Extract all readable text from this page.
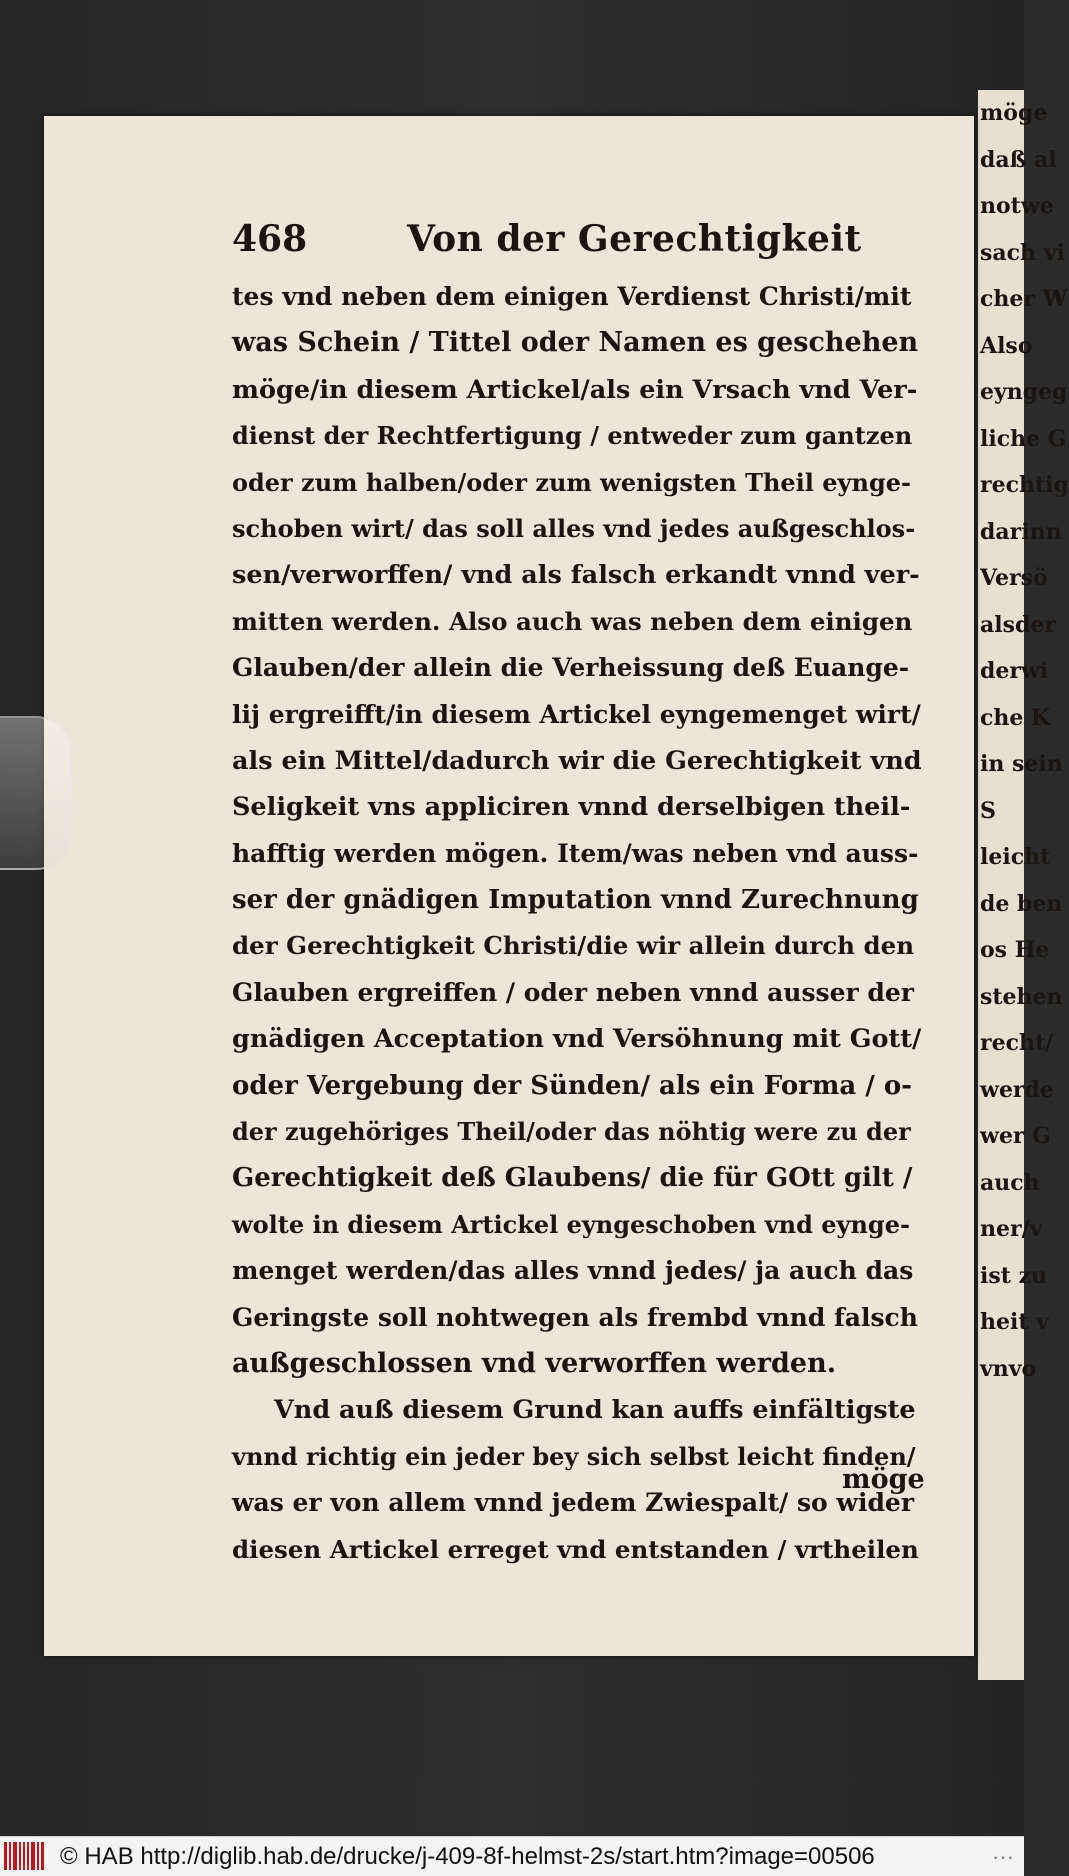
möge
daß al
notwe
sach vi
cher W
Also
eyngeg
liche G
rechtig
darinn
Versö
alsder
derwi
che K
in sein
S
leicht
de ben
os He
stehen
recht/
werde
wer G
auch
ner/v
ist zu
heit v
vnvo
468	Von der Gerechtigkeit
tes vnd neben dem einigen Verdienst Christi/mit
was Schein / Tittel oder Namen es geschehen
möge/in diesem Artickel/als ein Vrsach vnd Ver-
dienst der Rechtfertigung / entweder zum gantzen
oder zum halben/oder zum wenigsten Theil eynge-
schoben wirt/ das soll alles vnd jedes außgeschlos-
sen/verworffen/ vnd als falsch erkandt vnnd ver-
mitten werden. Also auch was neben dem einigen
Glauben/der allein die Verheissung deß Euange-
lij ergreifft/in diesem Artickel eyngemenget wirt/
als ein Mittel/dadurch wir die Gerechtigkeit vnd
Seligkeit vns appliciren vnnd derselbigen theil-
hafftig werden mögen. Item/was neben vnd auss-
ser der gnädigen Imputation vnnd Zurechnung
der Gerechtigkeit Christi/die wir allein durch den
Glauben ergreiffen / oder neben vnnd ausser der
gnädigen Acceptation vnd Versöhnung mit Gott/
oder Vergebung der Sünden/ als ein Forma / o-
der zugehöriges Theil/oder das nöhtig were zu der
Gerechtigkeit deß Glaubens/ die für GOtt gilt /
wolte in diesem Artickel eyngeschoben vnd eynge-
menget werden/das alles vnnd jedes/ ja auch das
Geringste soll nohtwegen als frembd vnnd falsch
außgeschlossen vnd verworffen werden.
Vnd auß diesem Grund kan auffs einfältigste
vnnd richtig ein jeder bey sich selbst leicht finden/
was er von allem vnnd jedem Zwiespalt/ so wider
diesen Artickel erreget vnd entstanden / vrtheilen
möge
© HAB http://diglib.hab.de/drucke/j-409-8f-helmst-2s/start.htm?image=00506	···
